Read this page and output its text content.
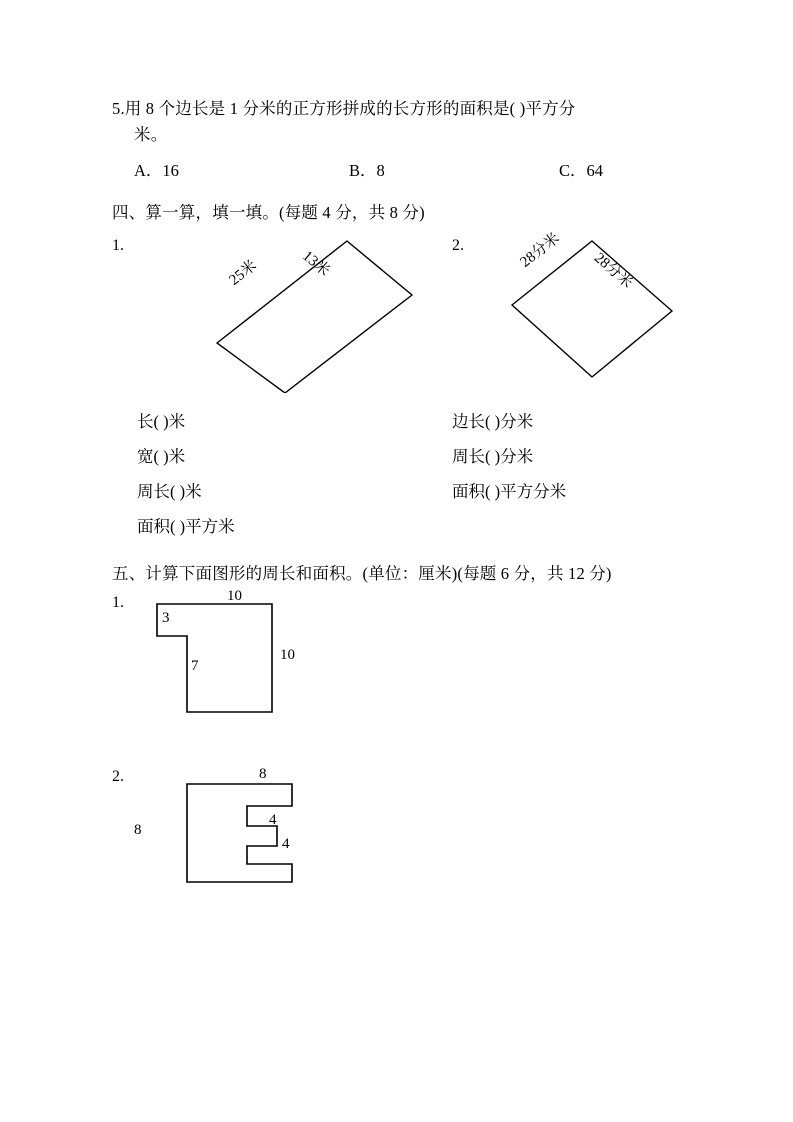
5.用 8 个边长是 1 分米的正方形拼成的长方形的面积是( )平方分
米。
A．16	B．8	C．64
四、算一算，填一填。(每题 4 分，共 8 分)
1.
25米	13米
2.	28分米 28分米
长( )米	边长( )分米
宽( )米	周长( )分米
周长( )米	面积( )平方分米
面积( )平方米
五、计算下面图形的周长和面积。(单位：厘米)(每题 6 分，共 12 分)
1.	10
3
7
10
2.	8
8
4
4
